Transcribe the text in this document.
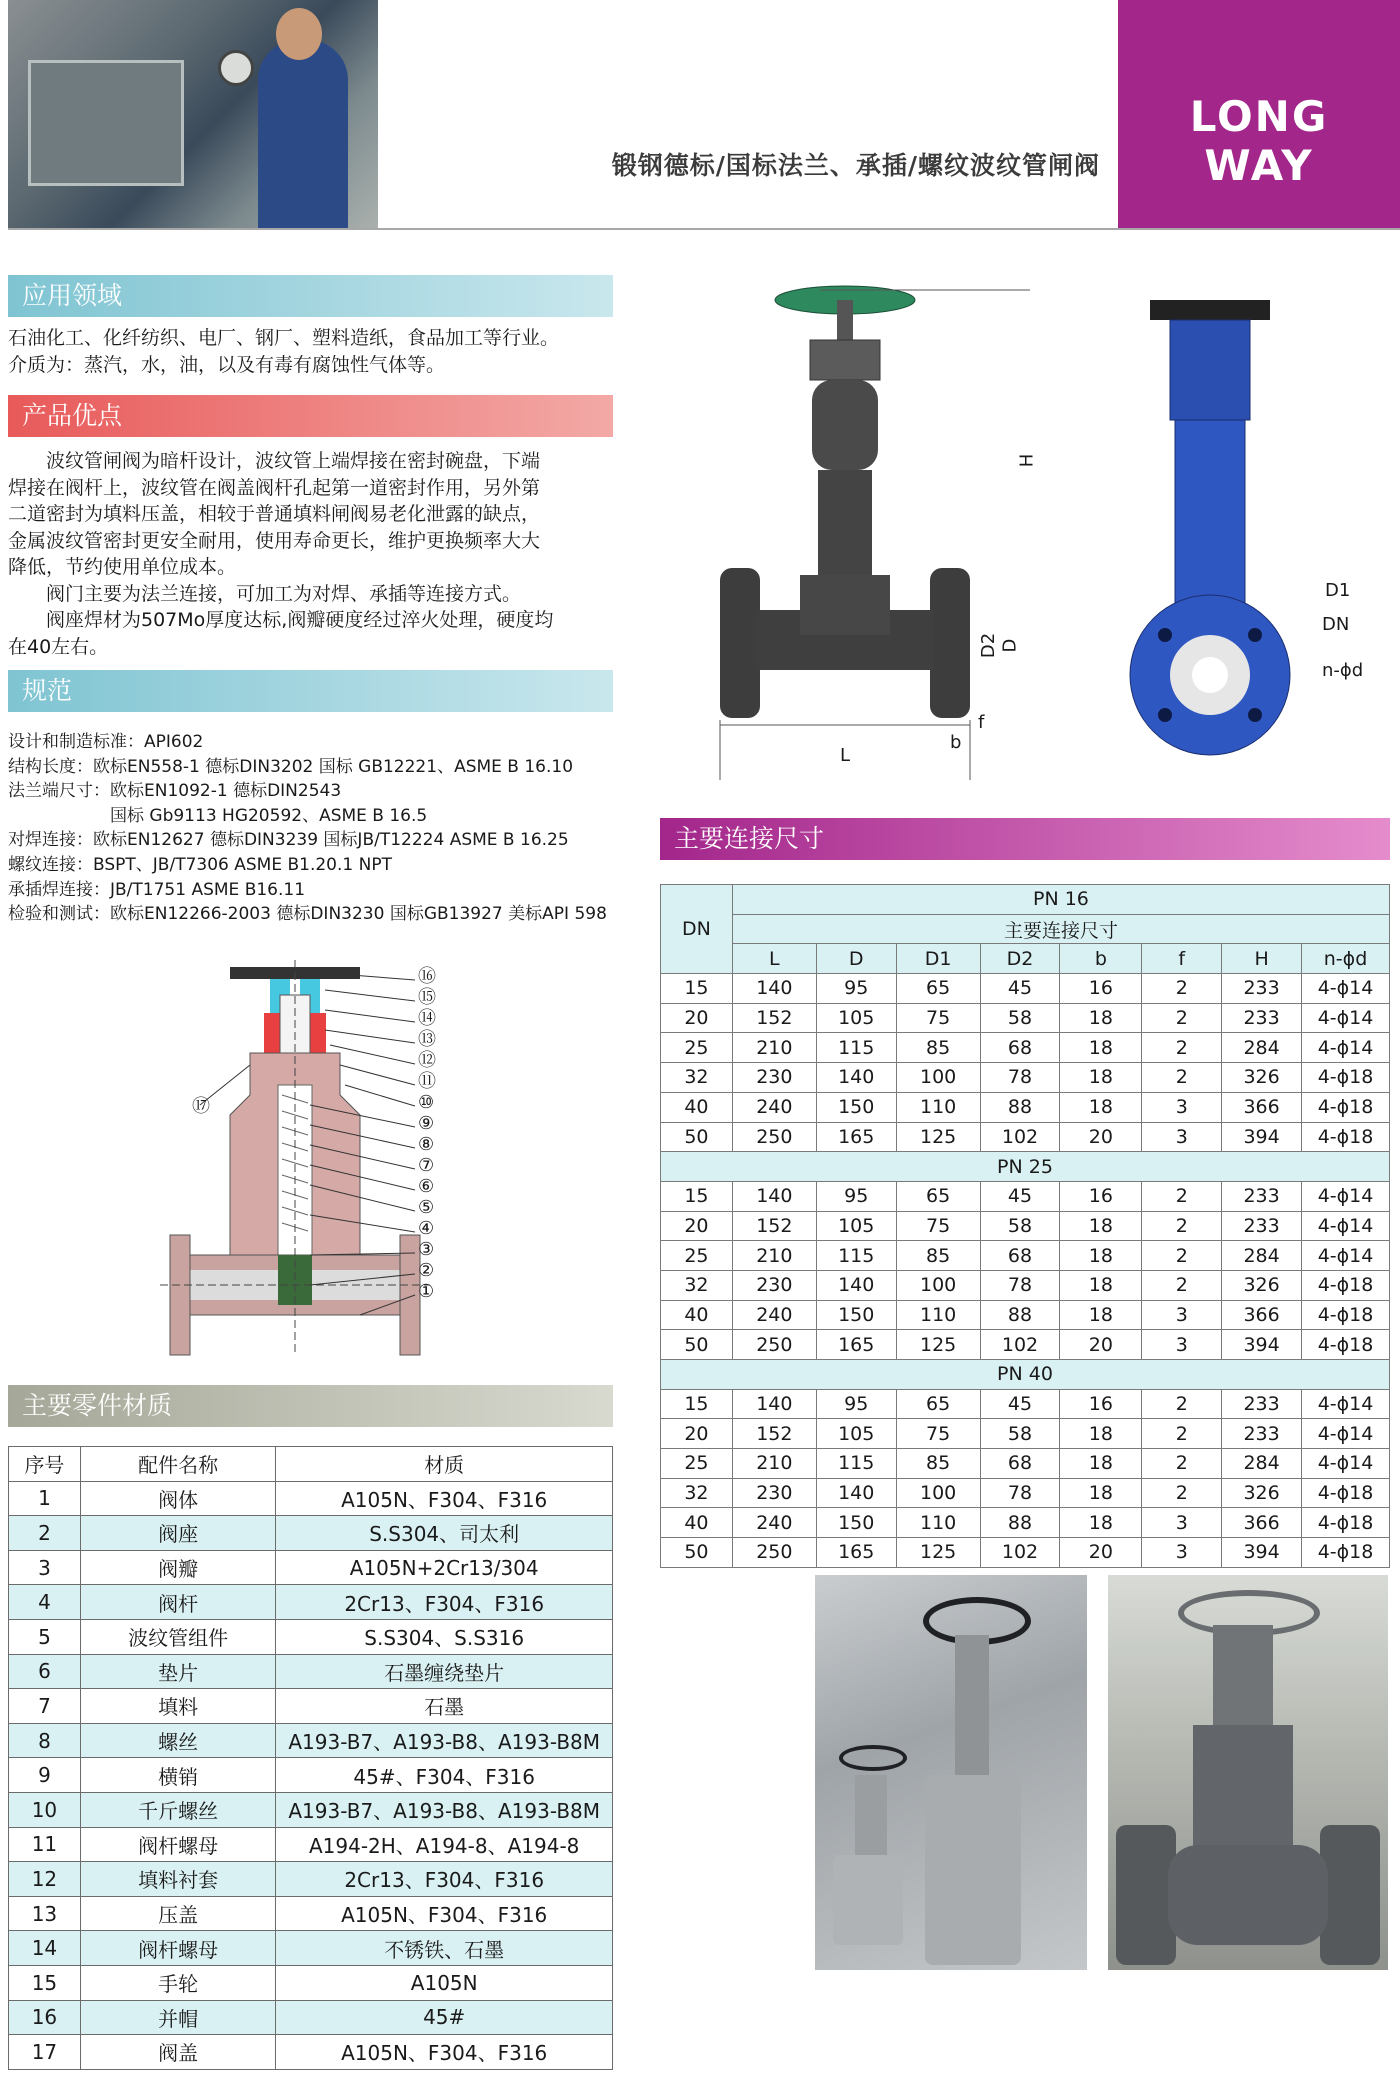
锻钢德标/国标法兰、承插/螺纹波纹管闸阀
LONG WAY
应用领域
石油化工、化纤纺织、电厂、钢厂、塑料造纸，食品加工等行业。
介质为：蒸汽，水，油，以及有毒有腐蚀性气体等。
产品优点
　　波纹管闸阀为暗杆设计，波纹管上端焊接在密封碗盘，下端
焊接在阀杆上，波纹管在阀盖阀杆孔起第一道密封作用，另外第
二道密封为填料压盖，相较于普通填料闸阀易老化泄露的缺点，
金属波纹管密封更安全耐用，使用寿命更长，维护更换频率大大
降低，节约使用单位成本。
　　阀门主要为法兰连接，可加工为对焊、承插等连接方式。
　　阀座焊材为507Mo厚度达标,阀瓣硬度经过淬火处理，硬度均
在40左右。
规范
设计和制造标准：API602
结构长度：欧标EN558-1 德标DIN3202 国标 GB12221、ASME B 16.10
法兰端尺寸：欧标EN1092-1 德标DIN2543
　　　　　　国标 Gb9113 HG20592、ASME B 16.5
对焊连接：欧标EN12627 德标DIN3239 国标JB/T12224 ASME B 16.25
螺纹连接：BSPT、JB/T7306 ASME B1.20.1 NPT
承插焊连接：JB/T1751 ASME B16.11
检验和测试：欧标EN12266-2003 德标DIN3230 国标GB13927 美标API 598
⑯
⑮
⑭
⑬
⑫
⑪
⑩
⑨
⑧
⑦
⑥
⑤
④
③
②
①
⑰
主要零件材质
序号	配件名称	材质
1	阀体	A105N、F304、F316
2	阀座	S.S304、司太利
3	阀瓣	A105N+2Cr13/304
4	阀杆	2Cr13、F304、F316
5	波纹管组件	S.S304、S.S316
6	垫片	石墨缠绕垫片
7	填料	石墨
8	螺丝	A193-B7、A193-B8、A193-B8M
9	横销	45#、F304、F316
10	千斤螺丝	A193-B7、A193-B8、A193-B8M
11	阀杆螺母	A194-2H、A194-8、A194-8
12	填料衬套	2Cr13、F304、F316
13	压盖	A105N、F304、F316
14	阀杆螺母	不锈铁、石墨
15	手轮	A105N
16	并帽	45#
17	阀盖	A105N、F304、F316
H
D2 D
L
b
f
D1
DN
n-ϕd
主要连接尺寸
DN	PN 16							
	主要连接尺寸							
	L	D	D1	D2	b	f	H	n-ϕd
15	140	95	65	45	16	2	233	4-ϕ14
20	152	105	75	58	18	2	233	4-ϕ14
25	210	115	85	68	18	2	284	4-ϕ14
32	230	140	100	78	18	2	326	4-ϕ18
40	240	150	110	88	18	3	366	4-ϕ18
50	250	165	125	102	20	3	394	4-ϕ18
PN 25								
15	140	95	65	45	16	2	233	4-ϕ14
20	152	105	75	58	18	2	233	4-ϕ14
25	210	115	85	68	18	2	284	4-ϕ14
32	230	140	100	78	18	2	326	4-ϕ18
40	240	150	110	88	18	3	366	4-ϕ18
50	250	165	125	102	20	3	394	4-ϕ18
PN 40								
15	140	95	65	45	16	2	233	4-ϕ14
20	152	105	75	58	18	2	233	4-ϕ14
25	210	115	85	68	18	2	284	4-ϕ14
32	230	140	100	78	18	2	326	4-ϕ18
40	240	150	110	88	18	3	366	4-ϕ18
50	250	165	125	102	20	3	394	4-ϕ18
